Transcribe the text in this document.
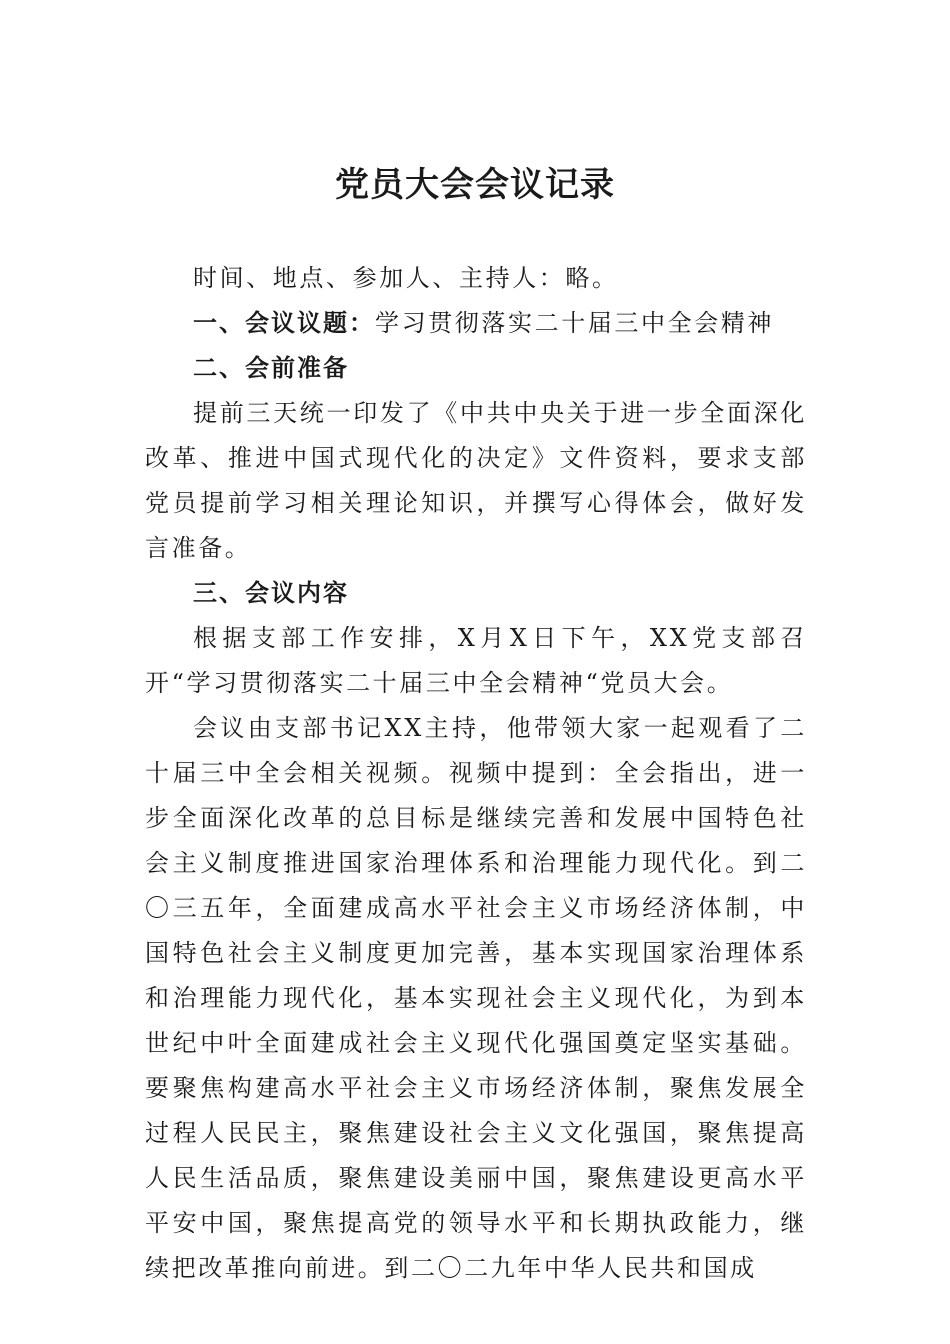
党员大会会议记录

时间、地点、参加人、主持人：略。

一、会议议题：学习贯彻落实二十届三中全会精神

二、会前准备

提前三天统一印发了《中共中央关于进一步全面深化改革、推进中国式现代化的决定》文件资料，要求支部党员提前学习相关理论知识，并撰写心得体会，做好发言准备。

三、会议内容

根据支部工作安排，X月X日下午，XX党支部召开“学习贯彻落实二十届三中全会精神“党员大会。

会议由支部书记XX主持，他带领大家一起观看了二十届三中全会相关视频。视频中提到：全会指出，进一步全面深化改革的总目标是继续完善和发展中国特色社会主义制度推进国家治理体系和治理能力现代化。到二〇三五年，全面建成高水平社会主义市场经济体制，中国特色社会主义制度更加完善，基本实现国家治理体系和治理能力现代化，基本实现社会主义现代化，为到本世纪中叶全面建成社会主义现代化强国奠定坚实基础。要聚焦构建高水平社会主义市场经济体制，聚焦发展全过程人民民主，聚焦建设社会主义文化强国，聚焦提高人民生活品质，聚焦建设美丽中国，聚焦建设更高水平平安中国，聚焦提高党的领导水平和长期执政能力，继续把改革推向前进。到二〇二九年中华人民共和国成
